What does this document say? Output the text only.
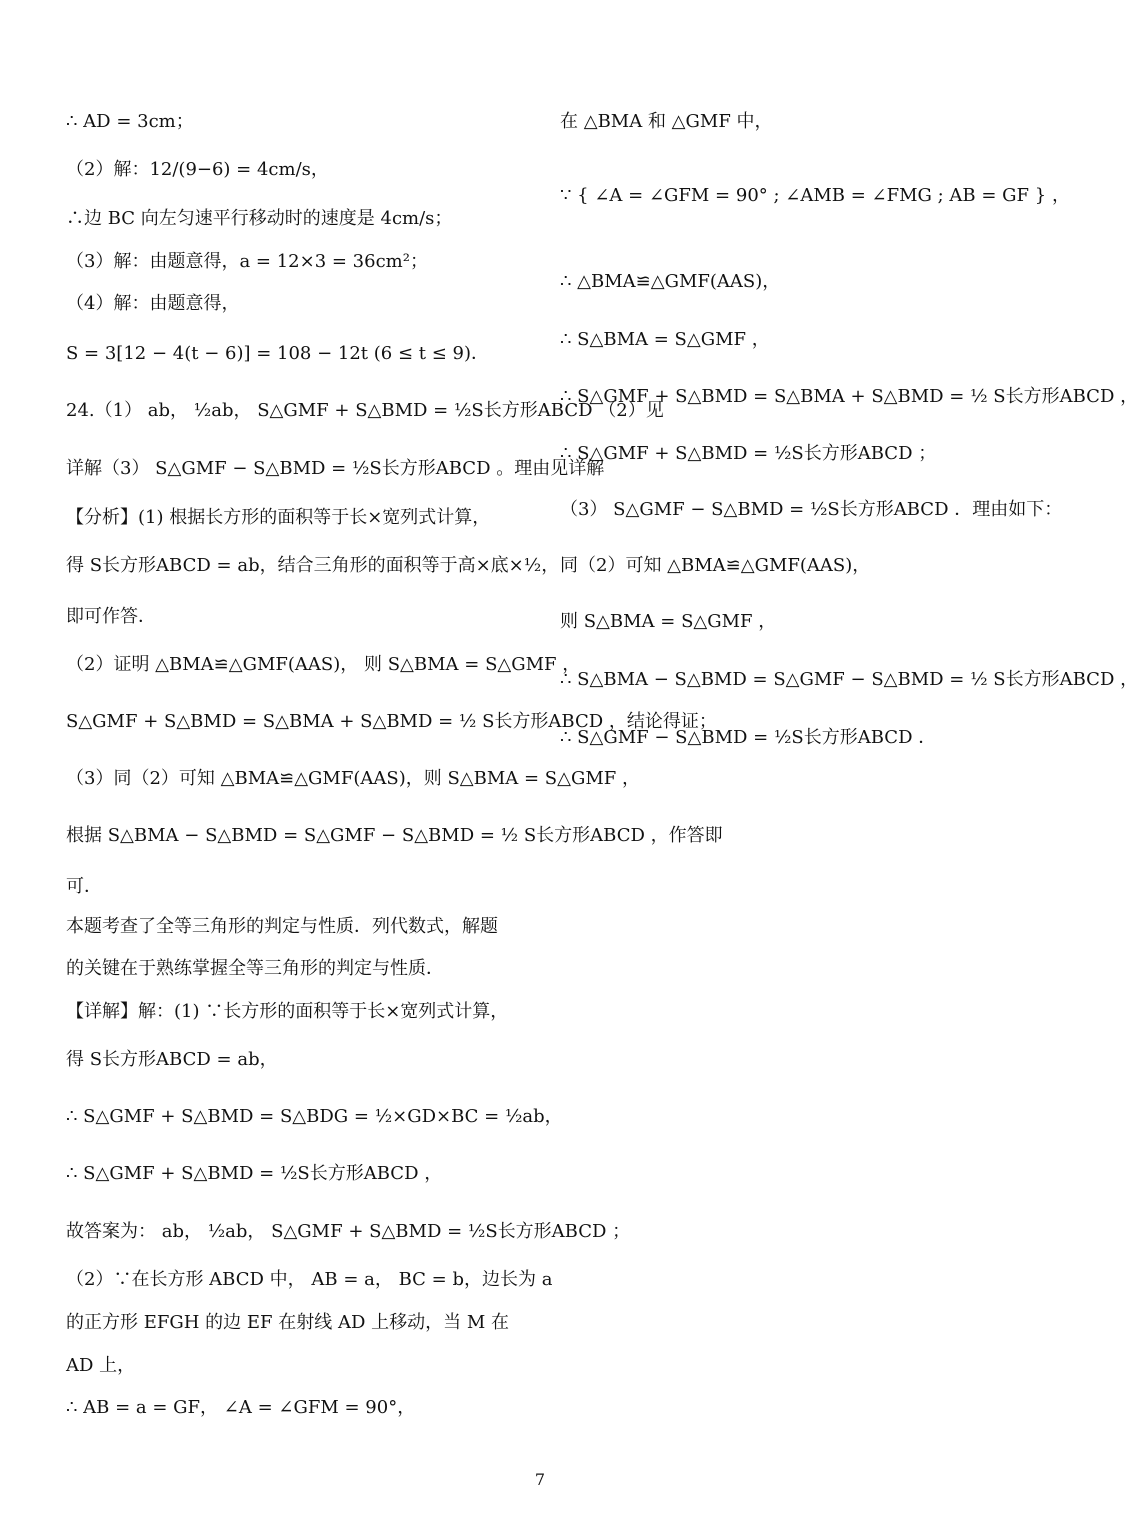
∴ AD = 3cm；
（2）解：12/(9−6) = 4cm/s，
∴边 BC 向左匀速平行移动时的速度是 4cm/s；
（3）解：由题意得，a = 12×3 = 36cm²；
（4）解：由题意得，
S = 3[12 − 4(t − 6)] = 108 − 12t (6 ≤ t ≤ 9)．
24.（1） ab， ½ab， S△GMF + S△BMD = ½S长方形ABCD （2）见
详解（3） S△GMF − S△BMD = ½S长方形ABCD 。理由见详解
【分析】(1) 根据长方形的面积等于长×宽列式计算，
得 S长方形ABCD = ab，结合三角形的面积等于高×底×½，
即可作答．
（2）证明 △BMA≌△GMF(AAS)， 则 S△BMA = S△GMF ，
S△GMF + S△BMD = S△BMA + S△BMD = ½ S长方形ABCD ，结论得证；
（3）同（2）可知 △BMA≌△GMF(AAS)，则 S△BMA = S△GMF ，
根据 S△BMA − S△BMD = S△GMF − S△BMD = ½ S长方形ABCD ，作答即
可．
本题考查了全等三角形的判定与性质．列代数式，解题
的关键在于熟练掌握全等三角形的判定与性质．
【详解】解：(1) ∵长方形的面积等于长×宽列式计算，
得 S长方形ABCD = ab，
∴ S△GMF + S△BMD = S△BDG = ½×GD×BC = ½ab，
∴ S△GMF + S△BMD = ½S长方形ABCD ，
故答案为： ab， ½ab， S△GMF + S△BMD = ½S长方形ABCD ；
（2）∵在长方形 ABCD 中， AB = a， BC = b，边长为 a
的正方形 EFGH 的边 EF 在射线 AD 上移动，当 M 在
AD 上，
∴ AB = a = GF， ∠A = ∠GFM = 90°，
在 △BMA 和 △GMF 中，
∵ { ∠A = ∠GFM = 90° ; ∠AMB = ∠FMG ; AB = GF } ，
∴ △BMA≌△GMF(AAS)，
∴ S△BMA = S△GMF ，
∴ S△GMF + S△BMD = S△BMA + S△BMD = ½ S长方形ABCD ，
∴ S△GMF + S△BMD = ½S长方形ABCD ；
（3） S△GMF − S△BMD = ½S长方形ABCD ．理由如下：
同（2）可知 △BMA≌△GMF(AAS)，
则 S△BMA = S△GMF ，
∴ S△BMA − S△BMD = S△GMF − S△BMD = ½ S长方形ABCD ，
∴ S△GMF − S△BMD = ½S长方形ABCD ．
7
